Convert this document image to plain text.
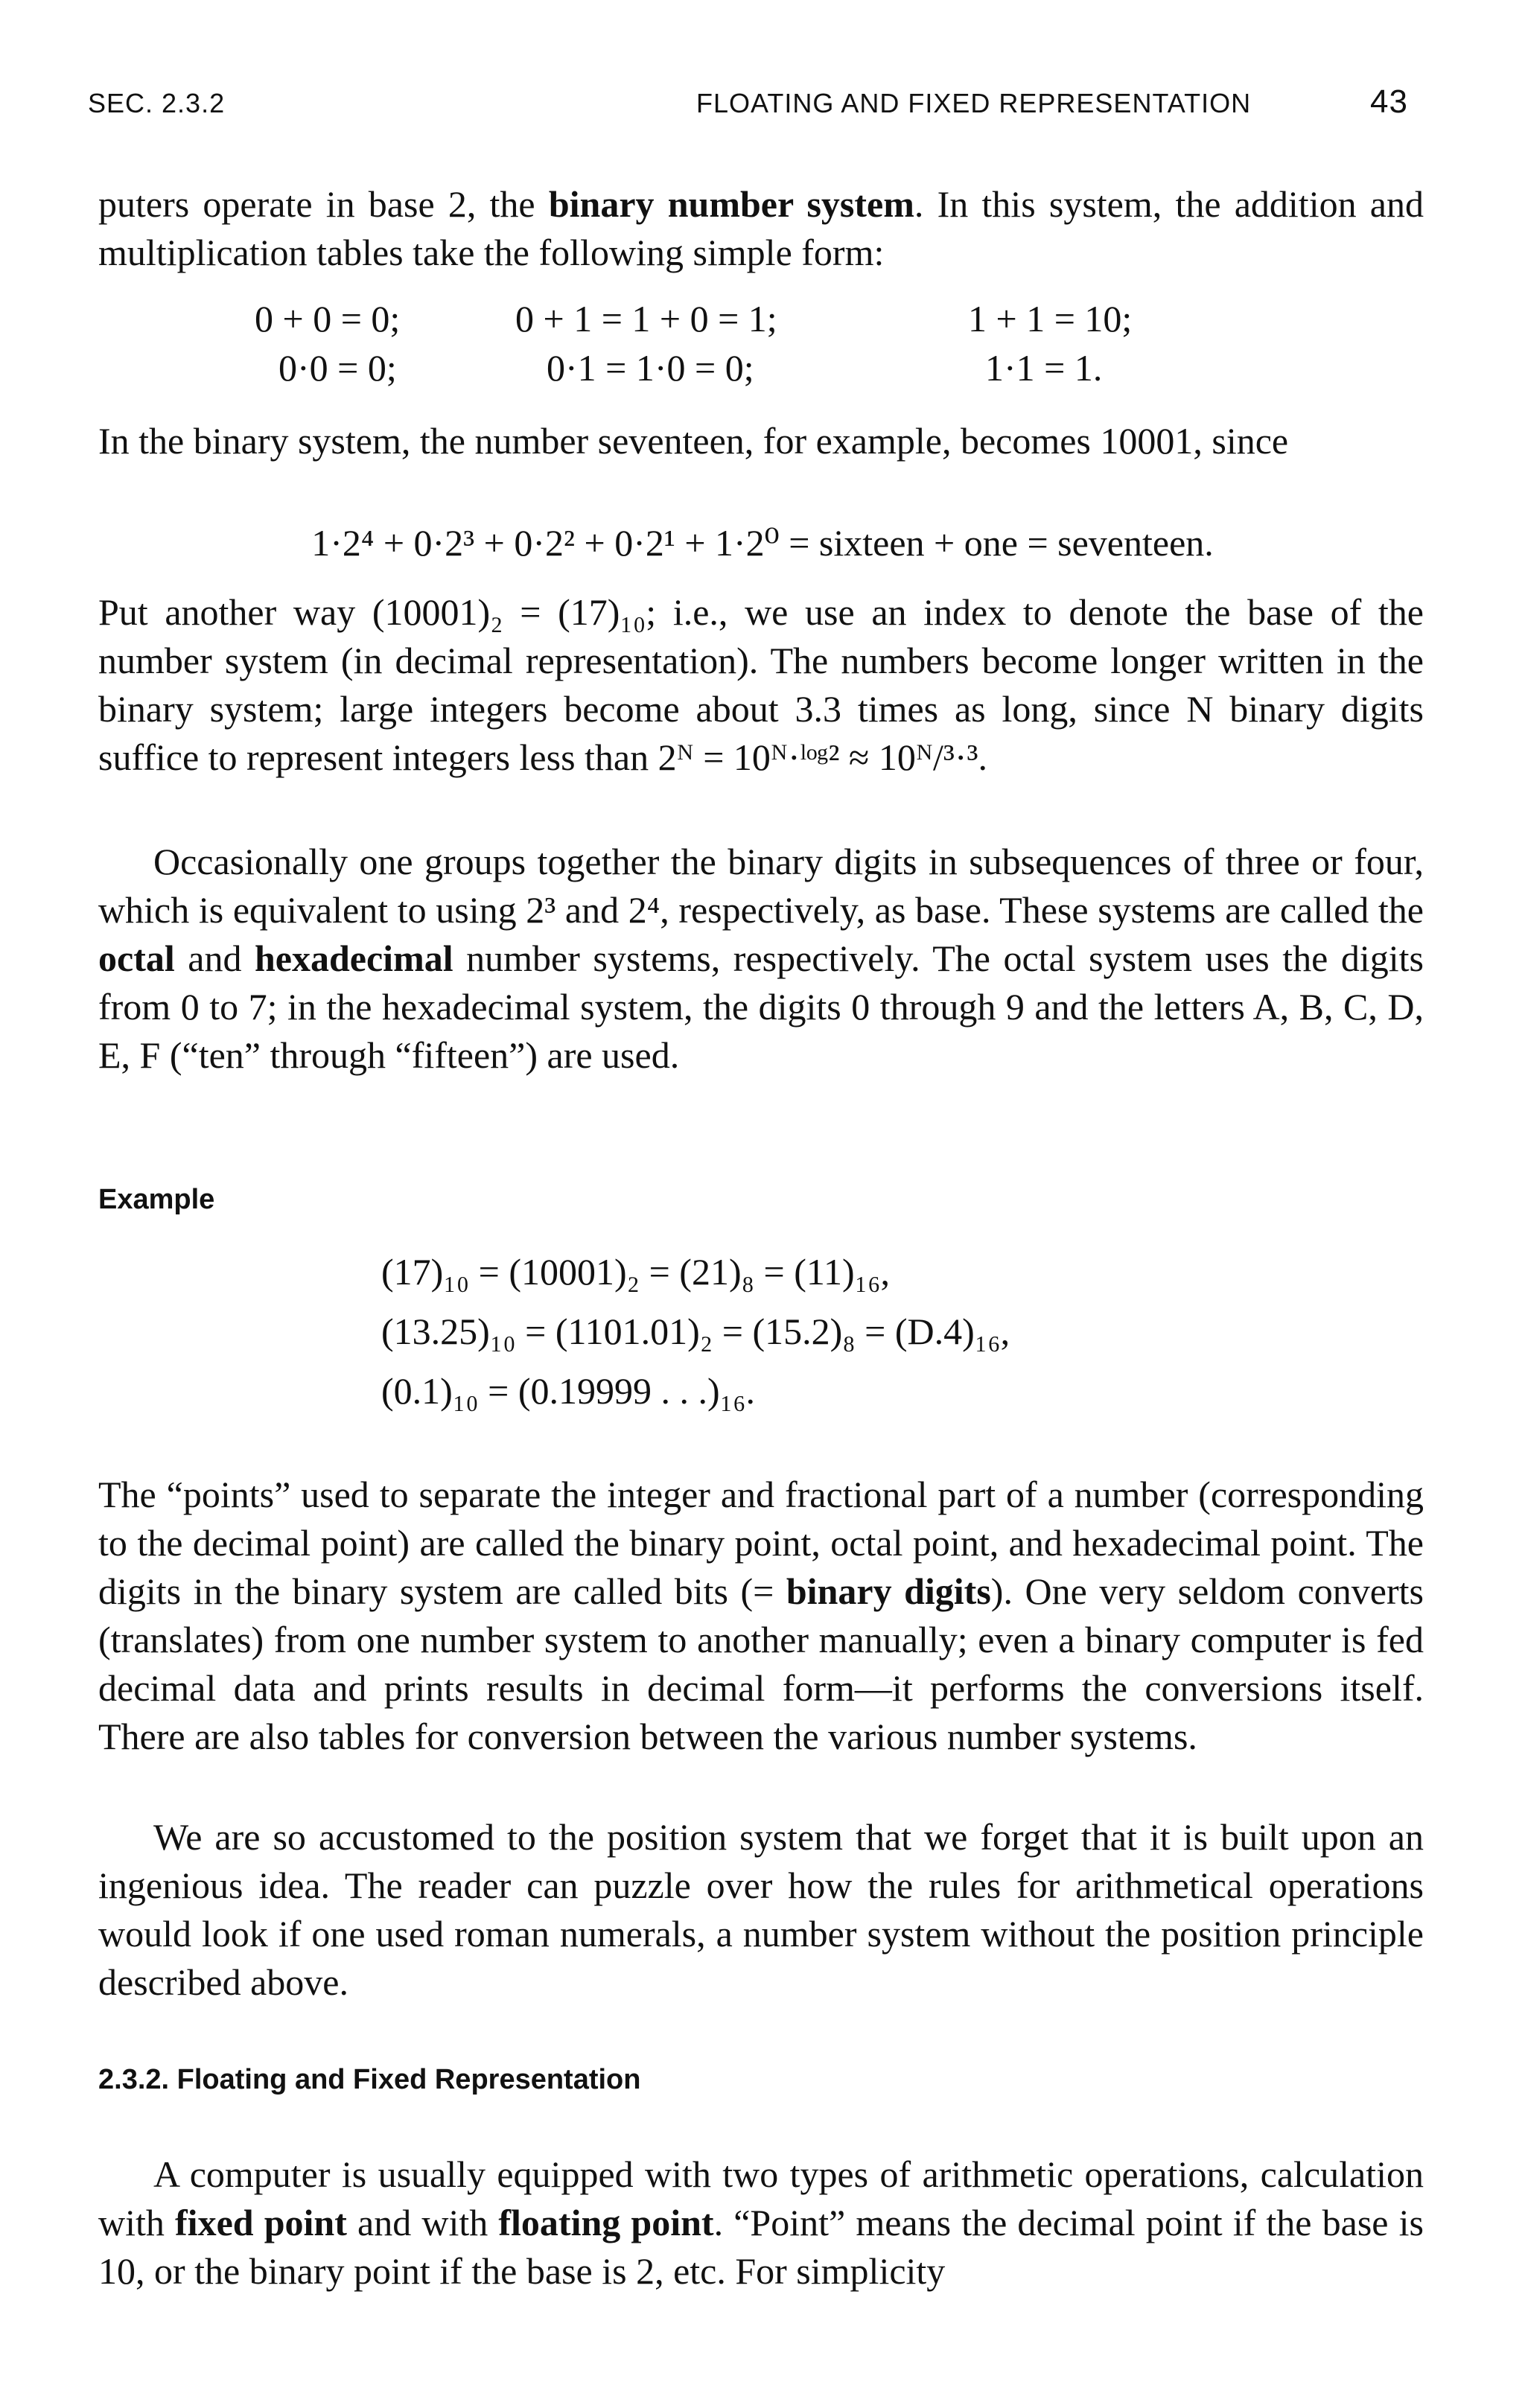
SEC. 2.3.2	FLOATING AND FIXED REPRESENTATION	43

puters operate in base 2, the binary number system. In this system, the addition and multiplication tables take the following simple form:

0 + 0 = 0;	0 + 1 = 1 + 0 = 1;	1 + 1 = 10;
0·0 = 0;	0·1 = 1·0 = 0;	1·1 = 1.

In the binary system, the number seventeen, for example, becomes 10001, since

1·2⁴ + 0·2³ + 0·2² + 0·2¹ + 1·2⁰ = sixteen + one = seventeen.

Put another way (10001)₂ = (17)₁₀; i.e., we use an index to denote the base of the number system (in decimal representation). The numbers become longer written in the binary system; large integers become about 3.3 times as long, since N binary digits suffice to represent integers less than 2ᴺ = 10ᴺ·ˡᵒᵍ² ≈ 10ᴺ/³·³.

Occasionally one groups together the binary digits in subsequences of three or four, which is equivalent to using 2³ and 2⁴, respectively, as base. These systems are called the octal and hexadecimal number systems, respectively. The octal system uses the digits from 0 to 7; in the hexadecimal system, the digits 0 through 9 and the letters A, B, C, D, E, F (“ten” through “fifteen”) are used.

Example
(17)₁₀ = (10001)₂ = (21)₈ = (11)₁₆,
(13.25)₁₀ = (1101.01)₂ = (15.2)₈ = (D.4)₁₆,
(0.1)₁₀ = (0.19999 . . .)₁₆.

The “points” used to separate the integer and fractional part of a number (corresponding to the decimal point) are called the binary point, octal point, and hexadecimal point. The digits in the binary system are called bits (= binary digits). One very seldom converts (translates) from one number system to another manually; even a binary computer is fed decimal data and prints results in decimal form—it performs the conversions itself. There are also tables for conversion between the various number systems.

We are so accustomed to the position system that we forget that it is built upon an ingenious idea. The reader can puzzle over how the rules for arithmetical operations would look if one used roman numerals, a number system without the position principle described above.

2.3.2. Floating and Fixed Representation

A computer is usually equipped with two types of arithmetic operations, calculation with fixed point and with floating point. “Point” means the decimal point if the base is 10, or the binary point if the base is 2, etc. For simplicity
